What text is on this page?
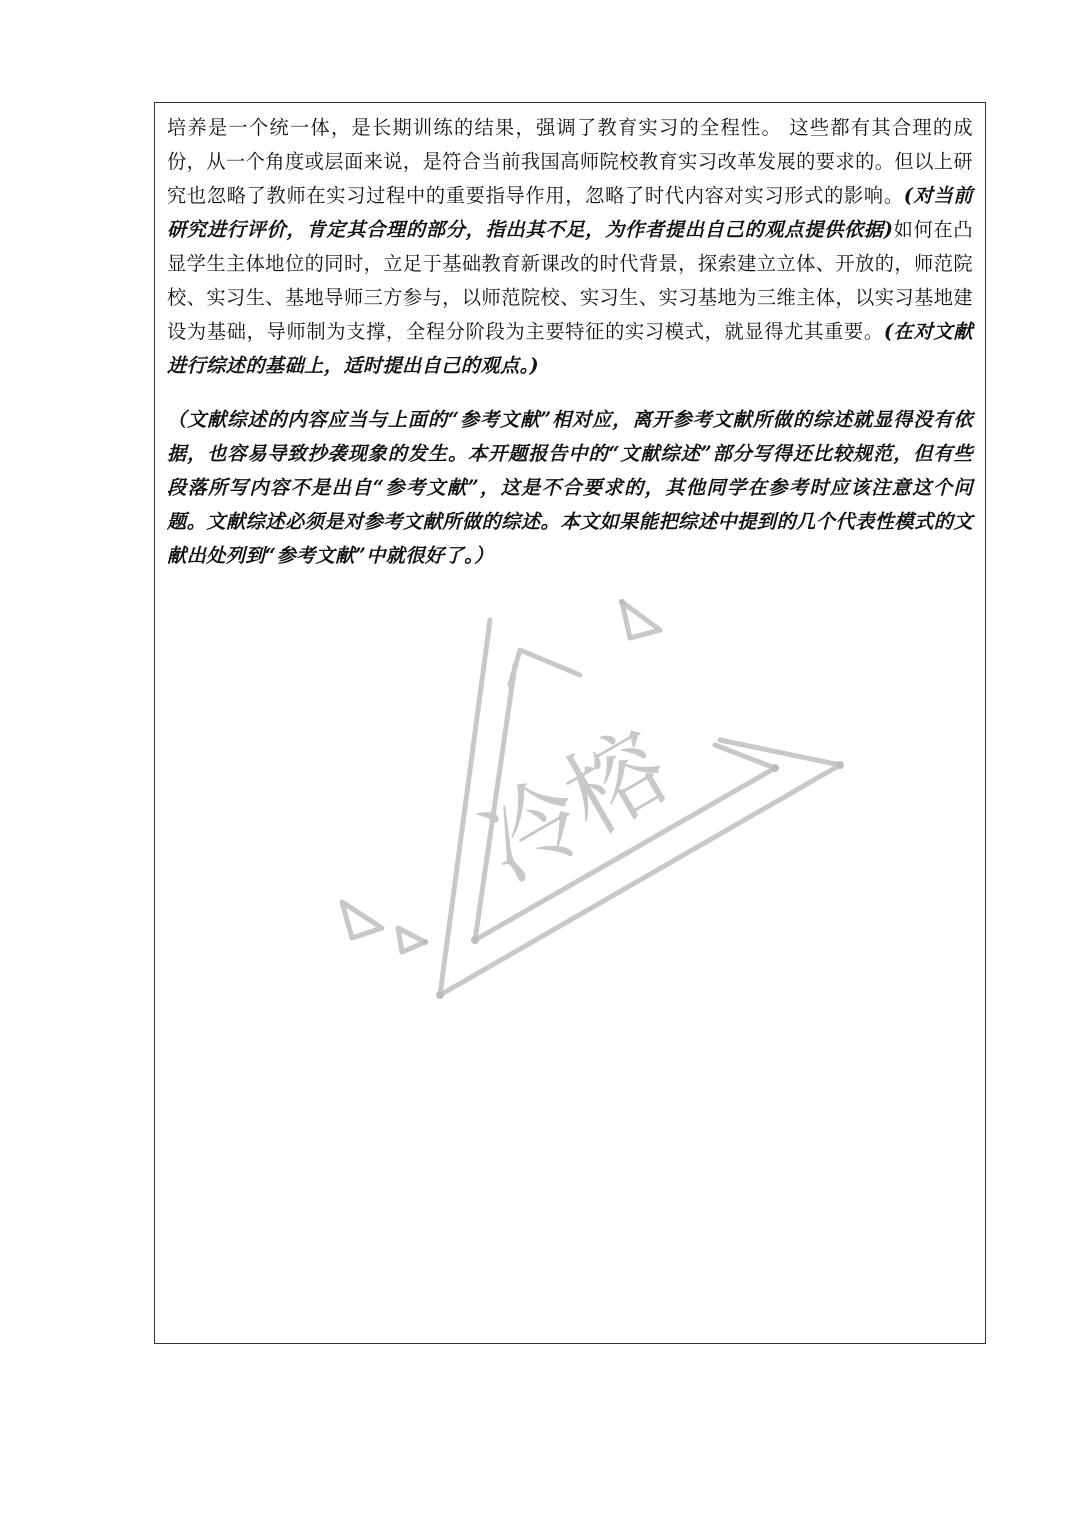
培养是一个统一体，是长期训练的结果，强调了教育实习的全程性。 这些都有其合理的成份，从一个角度或层面来说，是符合当前我国高师院校教育实习改革发展的要求的。但以上研究也忽略了教师在实习过程中的重要指导作用，忽略了时代内容对实习形式的影响。(对当前研究进行评价，肯定其合理的部分，指出其不足，为作者提出自己的观点提供依据)如何在凸显学生主体地位的同时，立足于基础教育新课改的时代背景，探索建立立体、开放的，师范院校、实习生、基地导师三方参与，以师范院校、实习生、实习基地为三维主体，以实习基地建设为基础，导师制为支撑，全程分阶段为主要特征的实习模式，就显得尤其重要。(在对文献进行综述的基础上，适时提出自己的观点。)

（文献综述的内容应当与上面的“参考文献”相对应，离开参考文献所做的综述就显得没有依据，也容易导致抄袭现象的发生。本开题报告中的“文献综述”部分写得还比较规范，但有些段落所写内容不是出自“参考文献”，这是不合要求的，其他同学在参考时应该注意这个问题。文献综述必须是对参考文献所做的综述。本文如果能把综述中提到的几个代表性模式的文献出处列到“参考文献”中就很好了。）

冷榕
